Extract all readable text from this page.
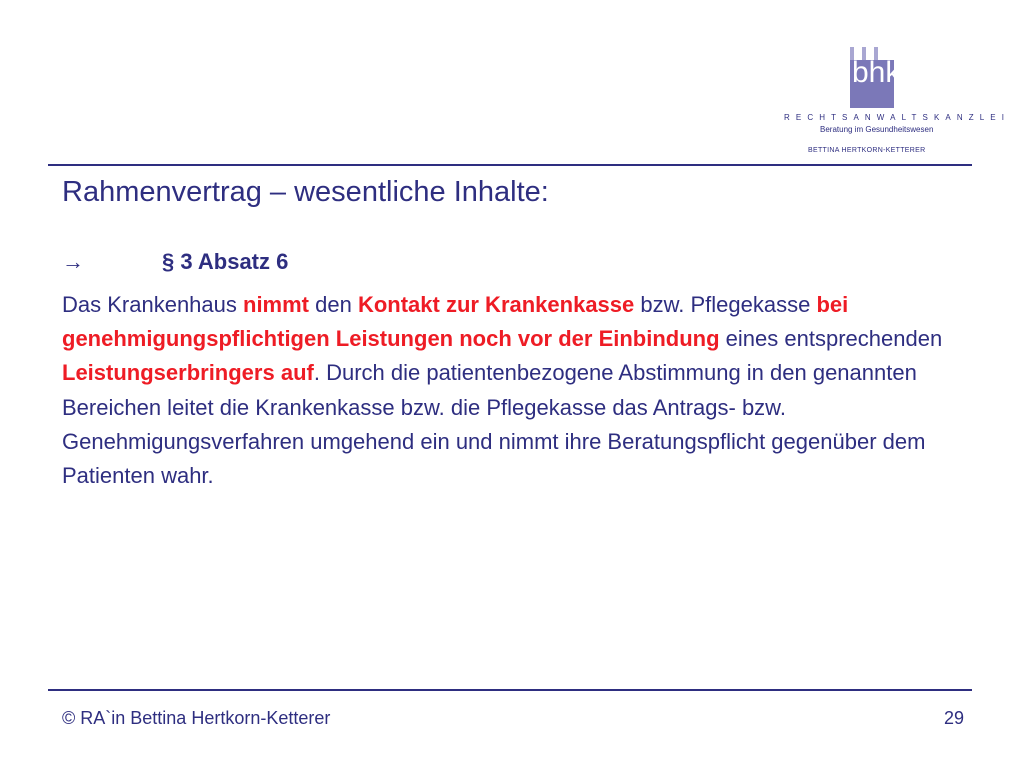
bhk
RECHTSANWALTSKANZLEI
Beratung im Gesundheitswesen
BETTINA HERTKORN-KETTERER
Rahmenvertrag – wesentliche Inhalte:
→	§ 3 Absatz 6
Das Krankenhaus nimmt den Kontakt zur Krankenkasse bzw. Pflegekasse bei genehmigungspflichtigen Leistungen noch vor der Einbindung eines entsprechenden Leistungserbringers auf. Durch die patientenbezogene Abstimmung in den genannten Bereichen leitet die Krankenkasse bzw. die Pflegekasse das Antrags- bzw. Genehmigungsverfahren umgehend ein und nimmt ihre Beratungspflicht gegenüber dem Patienten wahr.
© RA`in Bettina Hertkorn-Ketterer	29
